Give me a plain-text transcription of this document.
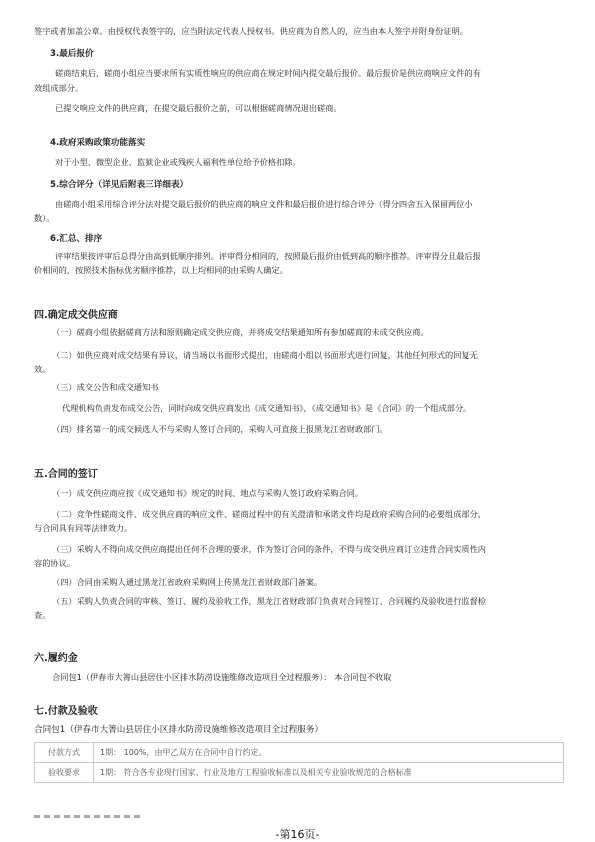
签字或者加盖公章。由授权代表签字的，应当附法定代表人授权书。供应商为自然人的，应当由本人签字并附身份证明。
3.最后报价
磋商结束后，磋商小组应当要求所有实质性响应的供应商在规定时间内提交最后报价。最后报价是供应商响应文件的有
效组成部分。
已提交响应文件的供应商，在提交最后报价之前，可以根据磋商情况退出磋商。
4.政府采购政策功能落实
对于小型、微型企业、监狱企业或残疾人福利性单位给予价格扣除。
5.综合评分（详见后附表三详细表）
由磋商小组采用综合评分法对提交最后报价的供应商的响应文件和最后报价进行综合评分（得分四舍五入保留两位小
数）。
6.汇总、排序
评审结果按评审后总得分由高到低顺序排列。评审得分相同的，按照最后报价由低到高的顺序推荐。评审得分且最后报
价相同的，按照技术指标优劣顺序推荐，以上均相同的由采购人确定。
四.确定成交供应商
（一）磋商小组依据磋商方法和原则确定成交供应商，并将成交结果通知所有参加磋商的未成交供应商。
（二）如供应商对成交结果有异议，请当场以书面形式提出，由磋商小组以书面形式进行回复，其他任何形式的回复无
效。
（三）成交公告和成交通知书
代理机构负责发布成交公告，同时向成交供应商发出《成交通知书》，《成交通知书》是《合同》的一个组成部分。
（四）排名第一的成交候选人不与采购人签订合同的，采购人可直接上报黑龙江省财政部门。
五.合同的签订
（一）成交供应商应按《成交通知书》规定的时间、地点与采购人签订政府采购合同。
（二）竞争性磋商文件、成交供应商的响应文件、磋商过程中的有关澄清和承诺文件均是政府采购合同的必要组成部分，
与合同具有同等法律效力。
（三）采购人不得向成交供应商提出任何不合理的要求，作为签订合同的条件，不得与成交供应商订立违背合同实质性内
容的协议。
（四）合同由采购人通过黑龙江省政府采购网上传黑龙江省财政部门备案。
（五）采购人负责合同的审核、签订、履约及验收工作，黑龙江省财政部门负责对合同签订、合同履约及验收进行监督检
查。
六.履约金
合同包1（伊春市大箐山县居住小区排水防涝设施维修改造项目全过程服务）： 本合同包不收取
七.付款及验收
合同包1（伊春市大箐山县居住小区排水防涝设施维修改造项目全过程服务）
付款方式	1期： 100%，由甲乙双方在合同中自行约定。
验收要求	1期： 符合各专业现行国家、行业及地方工程验收标准以及相关专业验收规范的合格标准
-第16页-
